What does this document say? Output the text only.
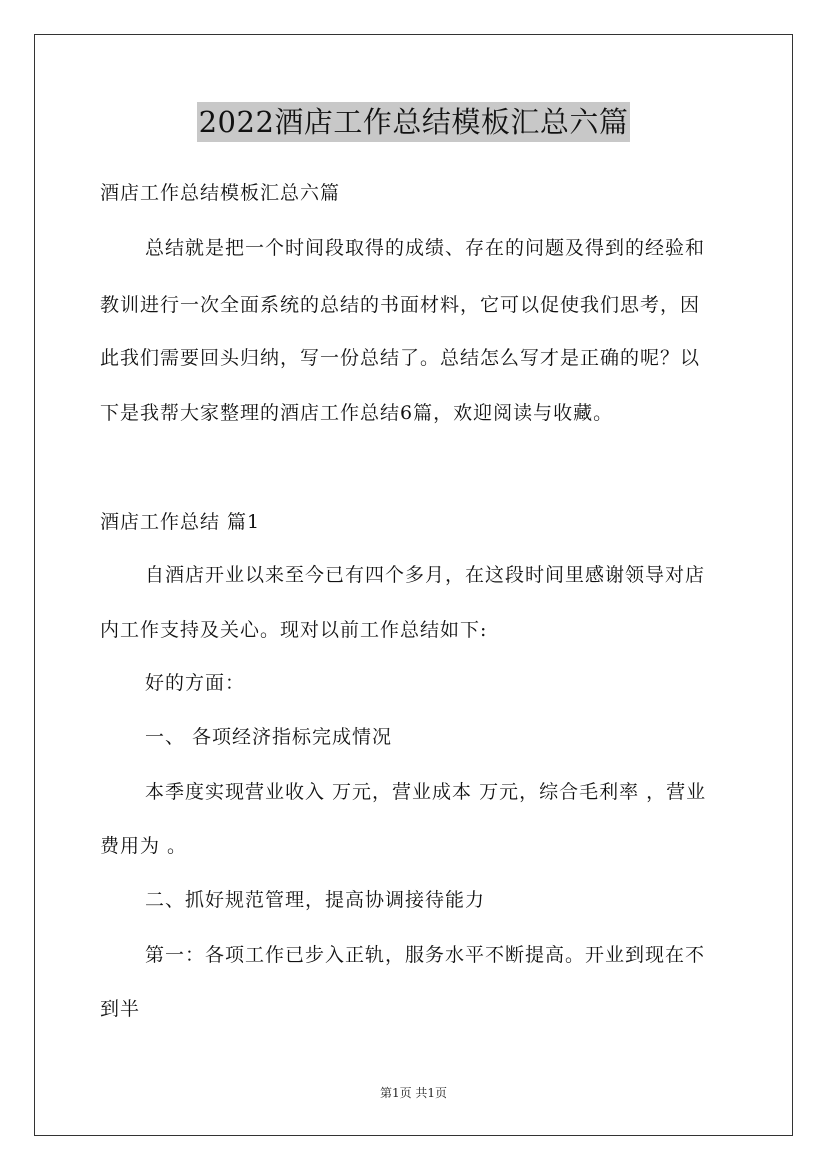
2022酒店工作总结模板汇总六篇
酒店工作总结模板汇总六篇
总结就是把一个时间段取得的成绩、存在的问题及得到的经验和
教训进行一次全面系统的总结的书面材料，它可以促使我们思考，因
此我们需要回头归纳，写一份总结了。总结怎么写才是正确的呢？以
下是我帮大家整理的酒店工作总结6篇，欢迎阅读与收藏。
酒店工作总结 篇1
自酒店开业以来至今已有四个多月，在这段时间里感谢领导对店
内工作支持及关心。现对以前工作总结如下:
好的方面：
一、 各项经济指标完成情况
本季度实现营业收入 万元，营业成本 万元，综合毛利率 ，营业
费用为 。
二、抓好规范管理，提高协调接待能力
第一：各项工作已步入正轨，服务水平不断提高。开业到现在不
到半
第1页 共1页
